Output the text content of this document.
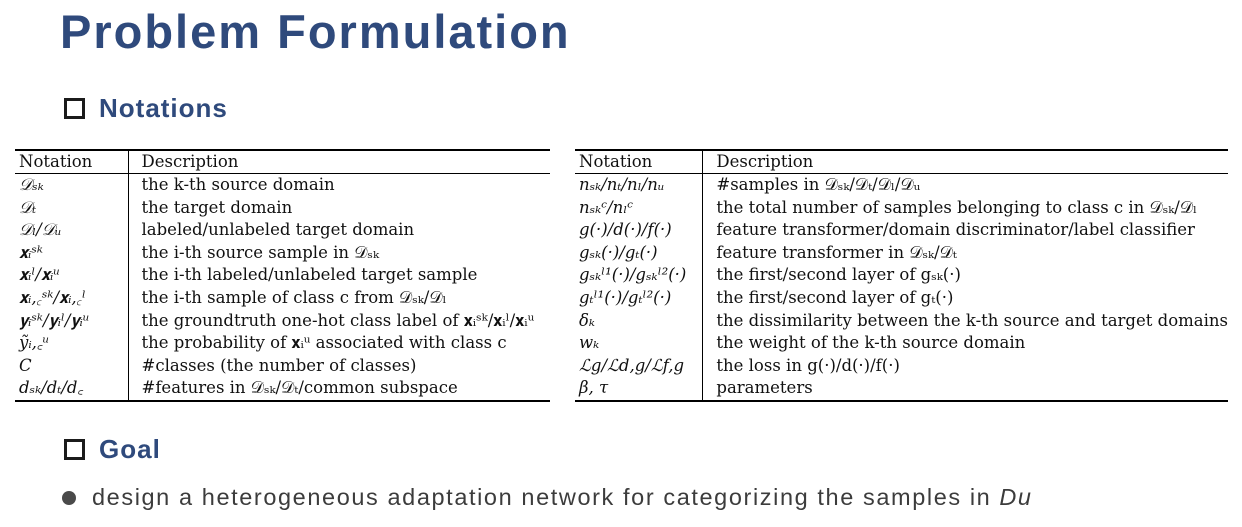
Problem Formulation
Notations
Notation	Description
𝒟ₛₖ	the k-th source domain
𝒟ₜ	the target domain
𝒟ₗ/𝒟ᵤ	labeled/unlabeled target domain
𝐱ᵢˢᵏ	the i-th source sample in 𝒟ₛₖ
𝐱ᵢˡ/𝐱ᵢᵘ	the i-th labeled/unlabeled target sample
𝐱ᵢ,꜀ˢᵏ/𝐱ᵢ,꜀ˡ	the i-th sample of class c from 𝒟ₛₖ/𝒟ₗ
𝐲ᵢˢᵏ/𝐲ᵢˡ/𝐲ᵢᵘ	the groundtruth one-hot class label of 𝐱ᵢˢᵏ/𝐱ᵢˡ/𝐱ᵢᵘ
ỹᵢ,꜀ᵘ	the probability of 𝐱ᵢᵘ associated with class c
C	#classes (the number of classes)
dₛₖ/dₜ/d꜀	#features in 𝒟ₛₖ/𝒟ₜ/common subspace
Notation	Description
nₛₖ/nₜ/nₗ/nᵤ	#samples in 𝒟ₛₖ/𝒟ₜ/𝒟ₗ/𝒟ᵤ
nₛₖᶜ/nₗᶜ	the total number of samples belonging to class c in 𝒟ₛₖ/𝒟ₗ
g(·)/d(·)/f(·)	feature transformer/domain discriminator/label classifier
gₛₖ(·)/gₜ(·)	feature transformer in 𝒟ₛₖ/𝒟ₜ
gₛₖˡ¹(·)/gₛₖˡ²(·)	the first/second layer of gₛₖ(·)
gₜˡ¹(·)/gₜˡ²(·)	the first/second layer of gₜ(·)
δₖ	the dissimilarity between the k-th source and target domains
wₖ	the weight of the k-th source domain
ℒg/ℒd,g/ℒf,g	the loss in g(·)/d(·)/f(·)
β, τ	parameters
Goal
design a heterogeneous adaptation network for categorizing the samples in Du
